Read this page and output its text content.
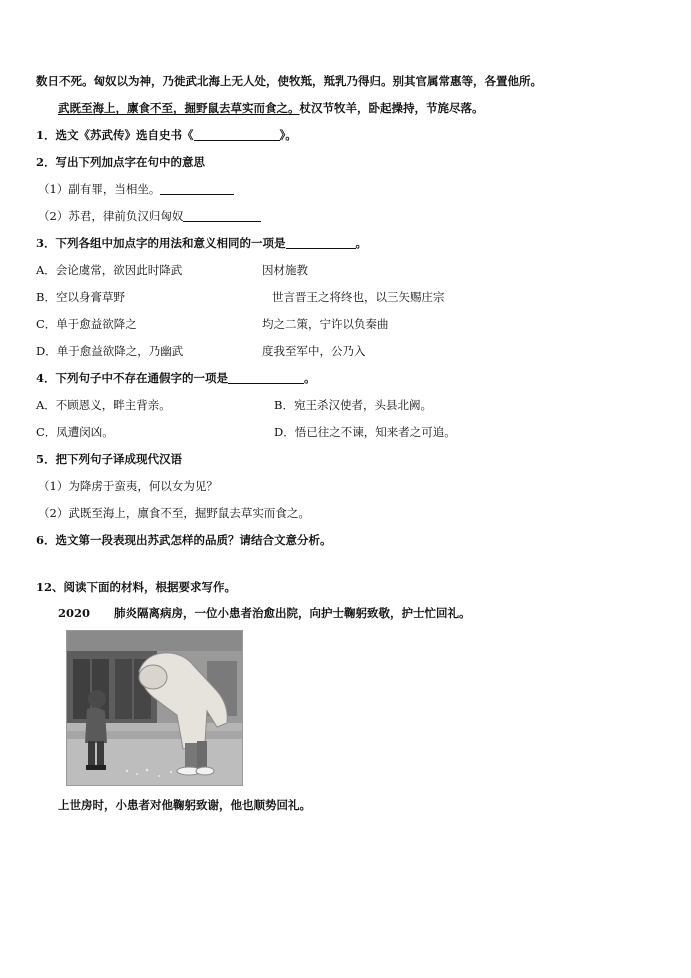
数日不死。匈奴以为神，乃徙武北海上无人处，使牧羝，羝乳乃得归。别其官属常惠等，各置他所。
武既至海上，廪食不至，掘野鼠去草实而食之。杖汉节牧羊，卧起操持，节旄尽落。
1．选文《苏武传》选自史书《	》。
2．写出下列加点字在句中的意思
（1）副有罪，当相坐。
（2）苏君，律前负汉归匈奴
3．下列各组中加点字的用法和意义相同的一项是	。
A．会论虞常，欲因此时降武	因材施教
B．空以身膏草野	世言晋王之将终也，以三矢赐庄宗
C．单于愈益欲降之	均之二策，宁许以负秦曲
D．单于愈益欲降之，乃幽武	度我至军中，公乃入
4．下列句子中不存在通假字的一项是	。
A．不顾恩义，畔主背亲。	B．宛王杀汉使者，头县北阙。
C．凤遭闵凶。	D．悟已往之不谏，知来者之可追。
5．把下列句子译成现代汉语
（1）为降虏于蛮夷，何以女为见？
（2）武既至海上，廪食不至，掘野鼠去草实而食之。
6．选文第一段表现出苏武怎样的品质？请结合文意分析。
12、阅读下面的材料，根据要求写作。
2020 肺炎隔离病房，一位小患者治愈出院，向护士鞠躬致敬，护士忙回礼。
上世房时，小患者对他鞠躬致谢，他也顺势回礼。
